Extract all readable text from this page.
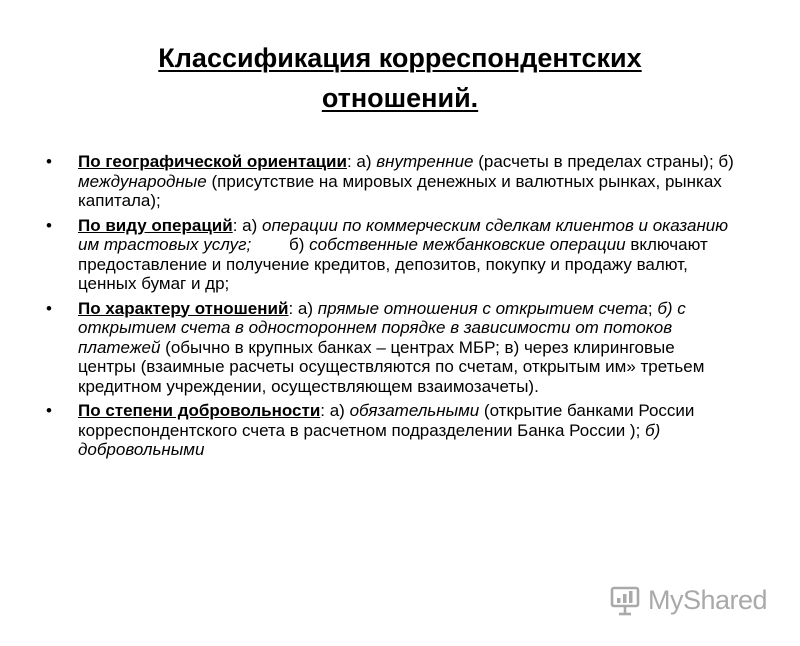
Классификация корреспондентских
отношений.
• По географической ориентации: а) внутренние (расчеты в пределах страны); б) международные (присутствие на мировых денежных и валютных рынках, рынках капитала);
• По виду операций: а) операции по коммерческим сделкам клиентов и оказанию им трастовых услуг;        б) собственные межбанковские операции включают предоставление и получение кредитов, депозитов, покупку и продажу валют, ценных бумаг и др;
• По характеру отношений: а) прямые отношения с открытием счета; б) с открытием счета в одностороннем порядке в зависимости от потоков платежей (обычно в крупных банках – центрах МБР; в) через клиринговые центры (взаимные расчеты осуществляются по счетам, открытым им» третьем кредитном учреждении, осуществляющем взаимозачеты).
• По степени добровольности: а) обязательными (открытие банками России корреспондентского счета в расчетном подразделении Банка России ); б) добровольными
MyShared
